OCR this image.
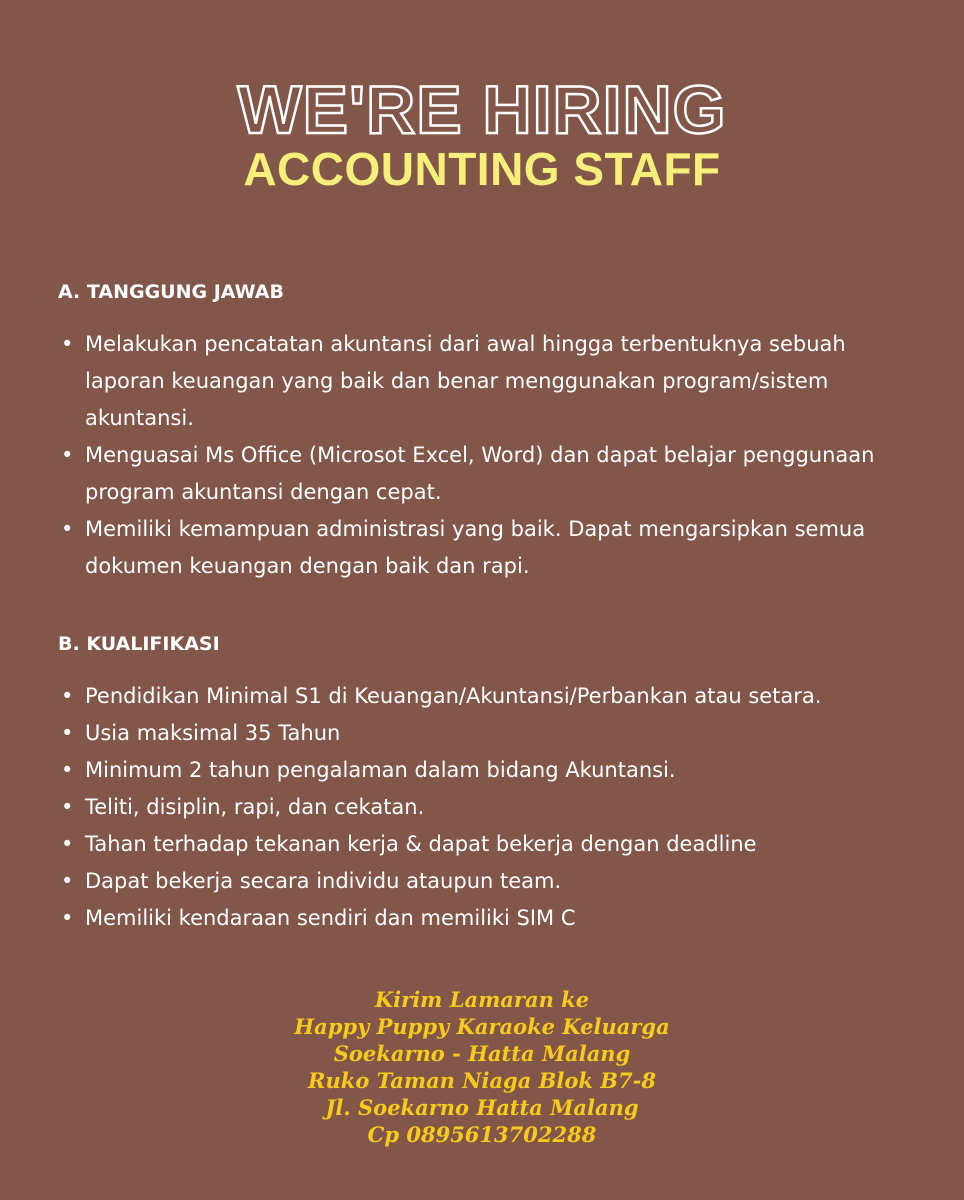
WE'RE HIRING
ACCOUNTING STAFF
A. TANGGUNG JAWAB
• Melakukan pencatatan akuntansi dari awal hingga terbentuknya sebuah laporan keuangan yang baik dan benar menggunakan program/sistem akuntansi.
• Menguasai Ms Office (Microsot Excel, Word) dan dapat belajar penggunaan program akuntansi dengan cepat.
• Memiliki kemampuan administrasi yang baik. Dapat mengarsipkan semua dokumen keuangan dengan baik dan rapi.
B. KUALIFIKASI
• Pendidikan Minimal S1 di Keuangan/Akuntansi/Perbankan atau setara.
• Usia maksimal 35 Tahun
• Minimum 2 tahun pengalaman dalam bidang Akuntansi.
• Teliti, disiplin, rapi, dan cekatan.
• Tahan terhadap tekanan kerja & dapat bekerja dengan deadline
• Dapat bekerja secara individu ataupun team.
• Memiliki kendaraan sendiri dan memiliki SIM C
Kirim Lamaran ke
Happy Puppy Karaoke Keluarga
Soekarno - Hatta Malang
Ruko Taman Niaga Blok B7-8
Jl. Soekarno Hatta Malang
Cp 0895613702288
